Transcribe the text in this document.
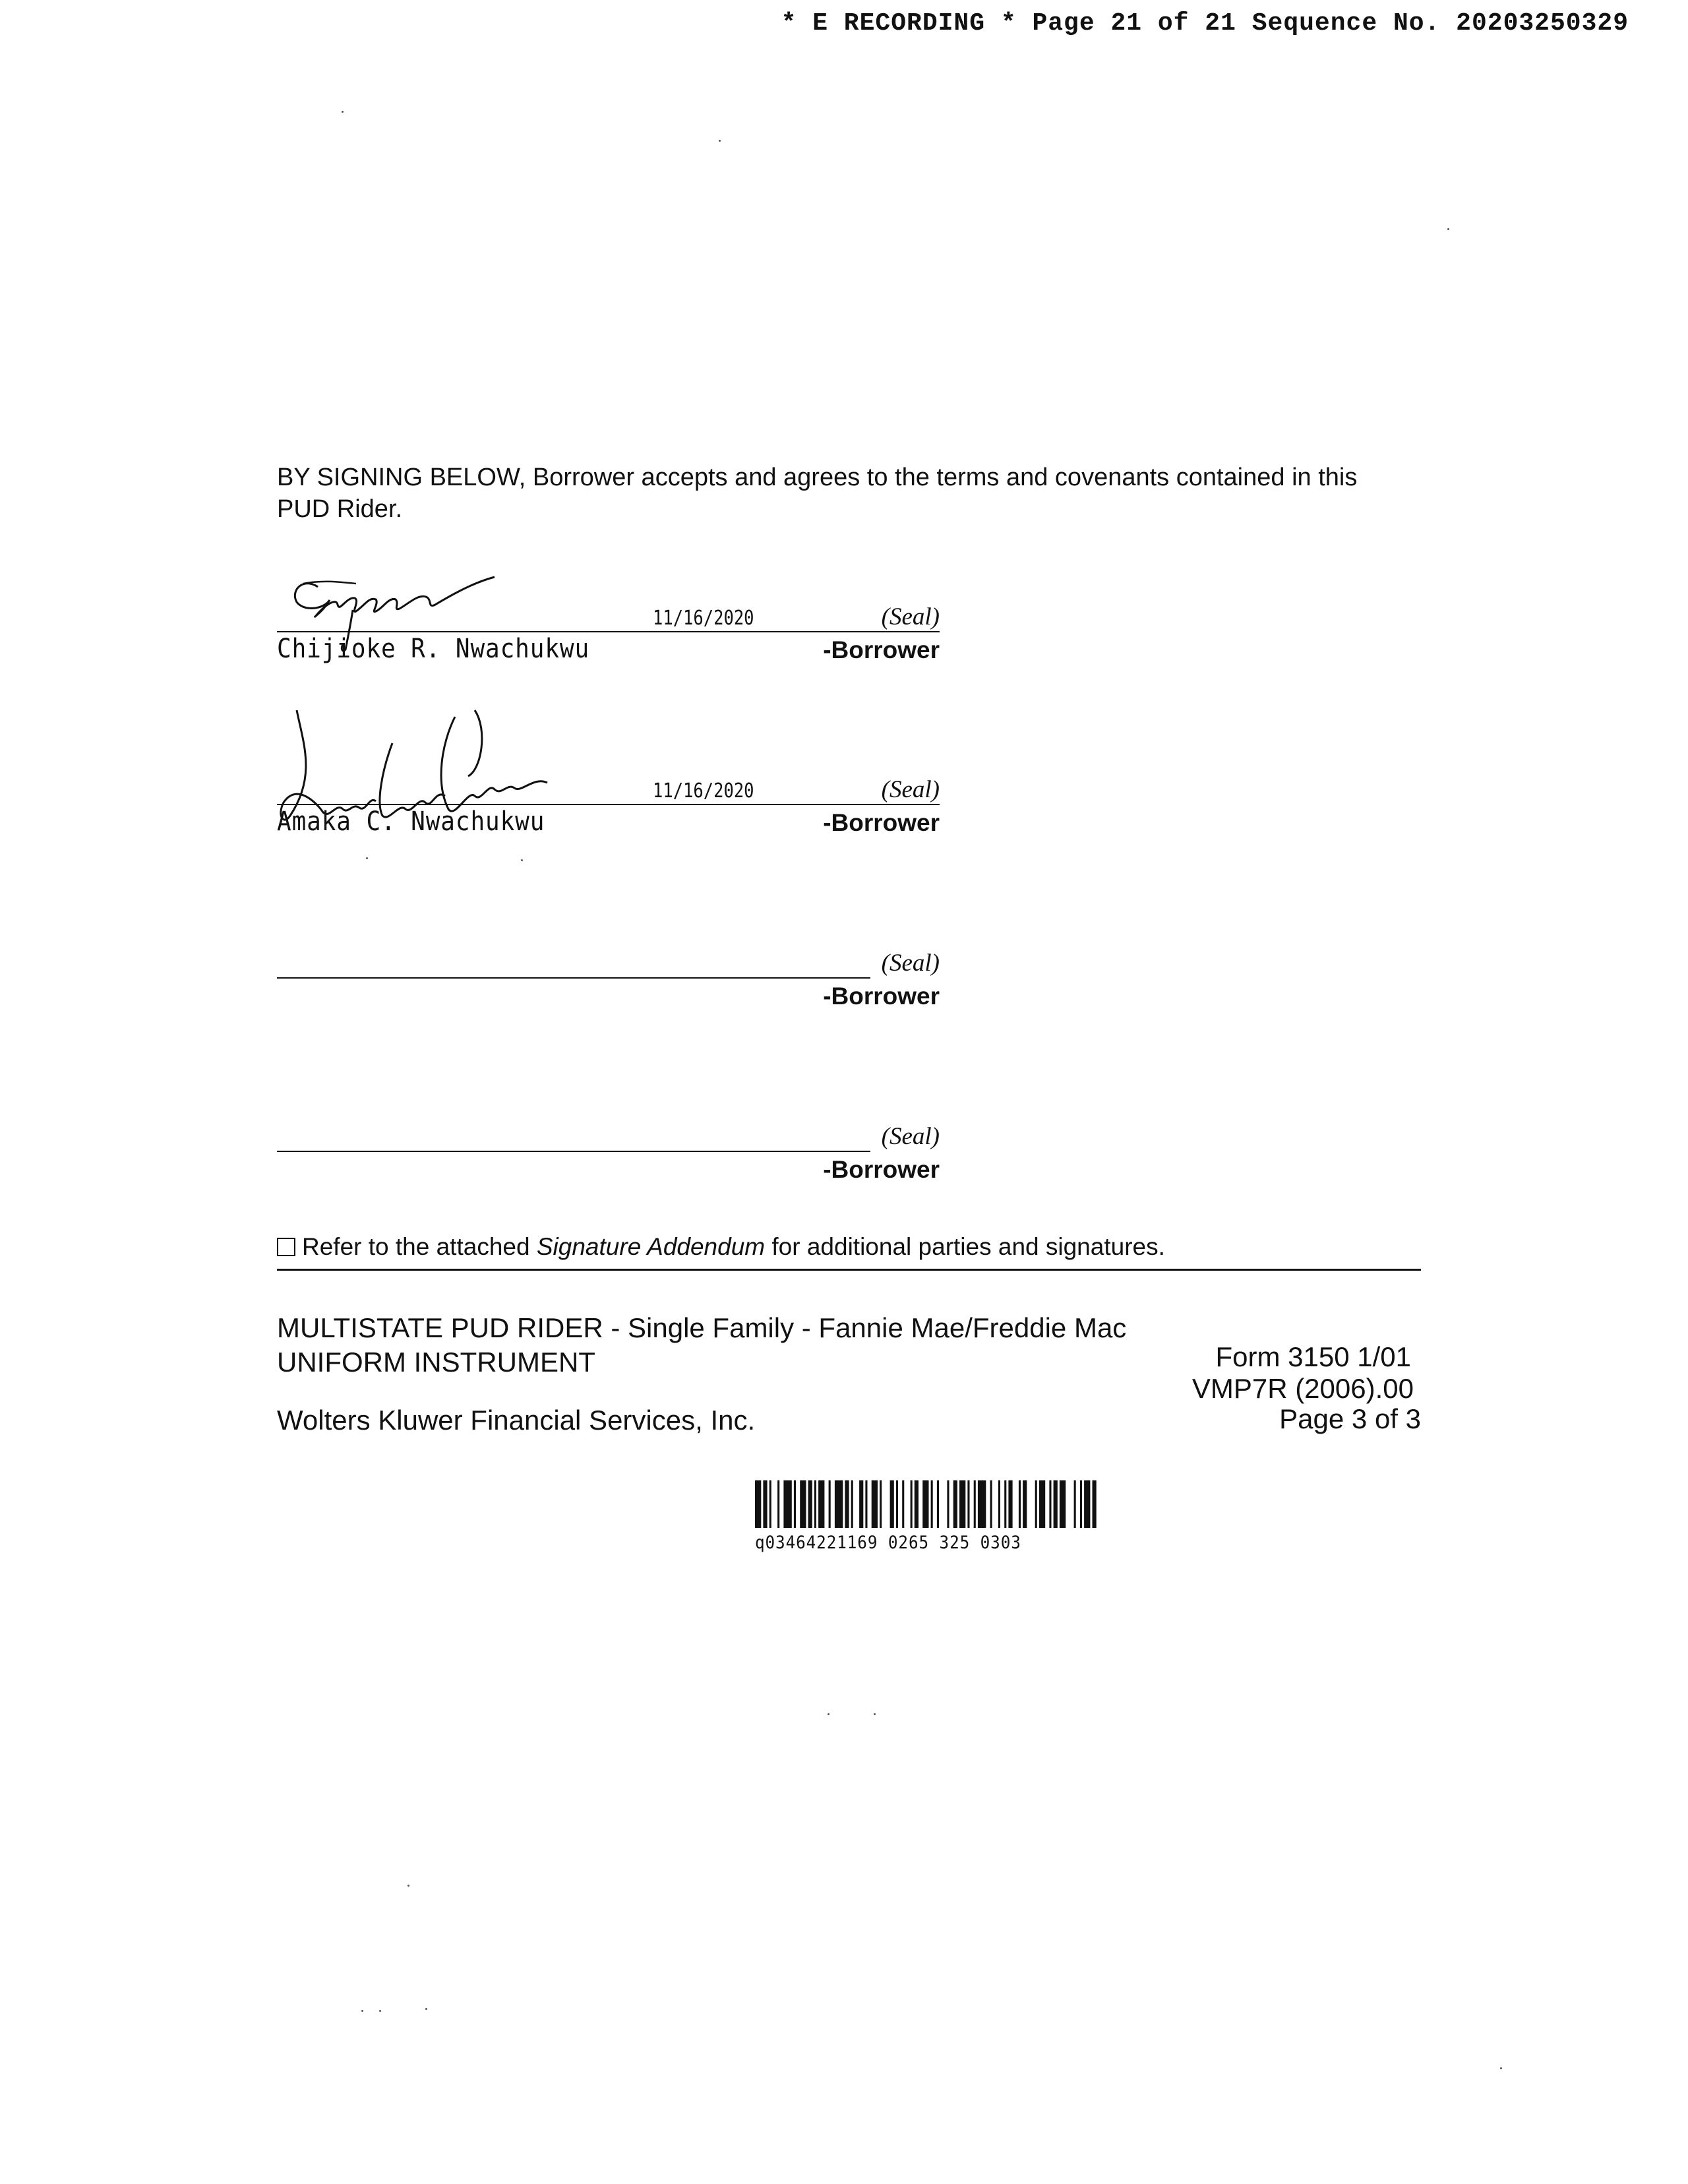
* E RECORDING * Page 21 of 21 Sequence No. 20203250329
BY SIGNING BELOW, Borrower accepts and agrees to the terms and covenants contained in this PUD Rider.
11/16/2020
Chijioke R. Nwachukwu
(Seal)
-Borrower
11/16/2020
Amaka C. Nwachukwu
(Seal)
-Borrower
(Seal)
-Borrower
(Seal)
-Borrower
Refer to the attached Signature Addendum for additional parties and signatures.
MULTISTATE PUD RIDER - Single Family - Fannie Mae/Freddie Mac
UNIFORM INSTRUMENT
Wolters Kluwer Financial Services, Inc.
Form 3150 1/01
VMP7R (2006).00
Page 3 of 3
q03464221169 0265 325 0303
